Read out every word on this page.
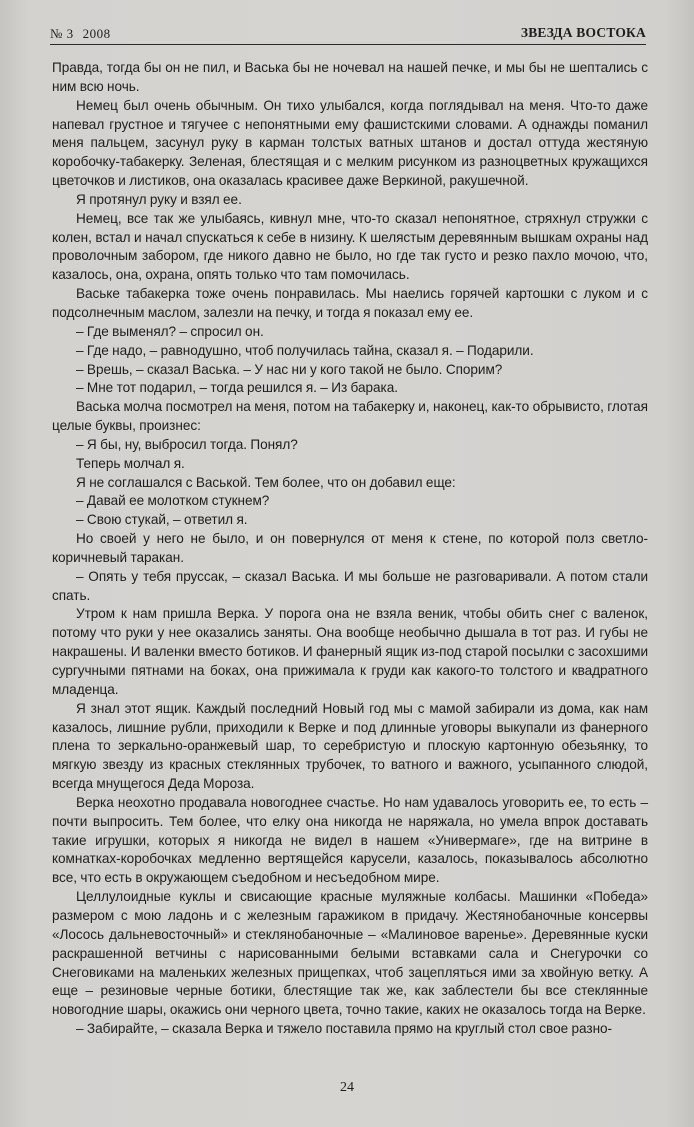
№ 3 2008	ЗВЕЗДА ВОСТОКА

Правда, тогда бы он не пил, и Васька бы не ночевал на нашей печке, и мы бы не шептались с ним всю ночь.

Немец был очень обычным. Он тихо улыбался, когда поглядывал на меня. Что-то даже напевал грустное и тягучее с непонятными ему фашистскими словами. А однажды поманил меня пальцем, засунул руку в карман толстых ватных штанов и достал оттуда жестяную коробочку-табакерку. Зеленая, блестящая и с мелким рисунком из разноцветных кружащихся цветочков и листиков, она оказалась красивее даже Веркиной, ракушечной.

Я протянул руку и взял ее.

Немец, все так же улыбаясь, кивнул мне, что-то сказал непонятное, стряхнул стружки с колен, встал и начал спускаться к себе в низину. К шелястым деревянным вышкам охраны над проволочным забором, где никого давно не было, но где так густо и резко пахло мочою, что, казалось, она, охрана, опять только что там помочилась.

Ваське табакерка тоже очень понравилась. Мы наелись горячей картошки с луком и с подсолнечным маслом, залезли на печку, и тогда я показал ему ее.

– Где выменял? – спросил он.

– Где надо, – равнодушно, чтоб получилась тайна, сказал я. – Подарили.

– Врешь, – сказал Васька. – У нас ни у кого такой не было. Спорим?

– Мне тот подарил, – тогда решился я. – Из барака.

Васька молча посмотрел на меня, потом на табакерку и, наконец, как-то обрывисто, глотая целые буквы, произнес:

– Я бы, ну, выбросил тогда. Понял?

Теперь молчал я.

Я не соглашался с Васькой. Тем более, что он добавил еще:

– Давай ее молотком стукнем?

– Свою стукай, – ответил я.

Но своей у него не было, и он повернулся от меня к стене, по которой полз светло-коричневый таракан.

– Опять у тебя пруссак, – сказал Васька. И мы больше не разговаривали. А потом стали спать.

Утром к нам пришла Верка. У порога она не взяла веник, чтобы обить снег с валенок, потому что руки у нее оказались заняты. Она вообще необычно дышала в тот раз. И губы не накрашены. И валенки вместо ботиков. И фанерный ящик из-под старой посылки с засохшими сургучными пятнами на боках, она прижимала к груди как какого-то толстого и квадратного младенца.

Я знал этот ящик. Каждый последний Новый год мы с мамой забирали из дома, как нам казалось, лишние рубли, приходили к Верке и под длинные уговоры выкупали из фанерного плена то зеркально-оранжевый шар, то серебристую и плоскую картонную обезьянку, то мягкую звезду из красных стеклянных трубочек, то ватного и важного, усыпанного слюдой, всегда мнущегося Деда Мороза.

Верка неохотно продавала новогоднее счастье. Но нам удавалось уговорить ее, то есть – почти выпросить. Тем более, что елку она никогда не наряжала, но умела впрок доставать такие игрушки, которых я никогда не видел в нашем «Универмаге», где на витрине в комнатках-коробочках медленно вертящейся карусели, казалось, показывалось абсолютно все, что есть в окружающем съедобном и несъедобном мире.

Целлулоидные куклы и свисающие красные муляжные колбасы. Машинки «Победа» размером с мою ладонь и с железным гаражиком в придачу. Жестянобаночные консервы «Лосось дальневосточный» и стеклянобаночные – «Малиновое варенье». Деревянные куски раскрашенной ветчины с нарисованными белыми вставками сала и Снегурочки со Снеговиками на маленьких железных прищепках, чтоб зацепляться ими за хвойную ветку. А еще – резиновые черные ботики, блестящие так же, как заблестели бы все стеклянные новогодние шары, окажись они черного цвета, точно такие, каких не оказалось тогда на Верке.

– Забирайте, – сказала Верка и тяжело поставила прямо на круглый стол свое разно-

24
